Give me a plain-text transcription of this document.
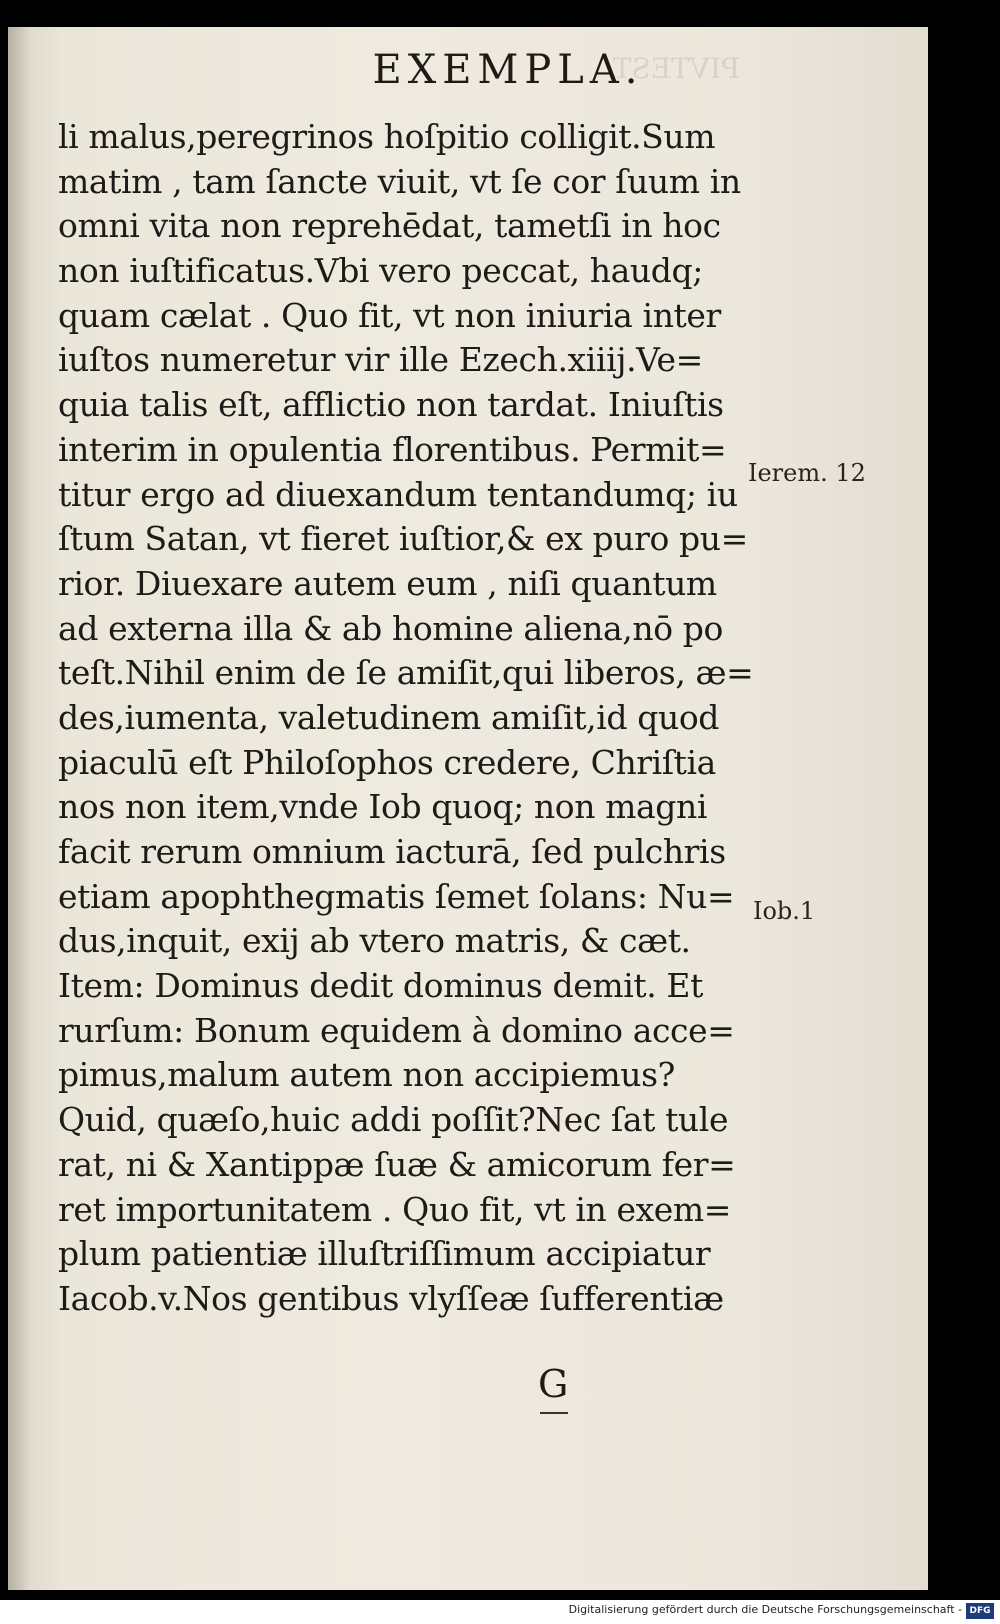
PIVTEST.
EXEMPLA.
li malus,peregrinos hoſpitio colligit.Sum
matim , tam ſancte viuit, vt ſe cor ſuum in
omni vita non reprehēdat, tametſi in hoc
non iuſtificatus.Vbi vero peccat, haudq;
quam cælat . Quo fit, vt non iniuria inter
iuſtos numeretur vir ille Ezech.xiiij.Ve=
quia talis eſt, afflictio non tardat. Iniuſtis
interim in opulentia florentibus. Permit=
titur ergo ad diuexandum tentandumq; iu
ſtum Satan, vt fieret iuſtior,& ex puro pu=
rior. Diuexare autem eum , niſi quantum
ad externa illa & ab homine aliena,nō po
teſt.Nihil enim de ſe amiſit,qui liberos, æ=
des,iumenta, valetudinem amiſit,id quod
piaculū eſt Philoſophos credere, Chriſtia
nos non item,vnde Iob quoq; non magni
facit rerum omnium iacturā, ſed pulchris
etiam apophthegmatis ſemet ſolans: Nu=
dus,inquit, exij ab vtero matris, & cæt.
Item: Dominus dedit dominus demit. Et
rurſum: Bonum equidem à domino acce=
pimus,malum autem non accipiemus?
Quid, quæſo,huic addi poſſit?Nec ſat tule
rat, ni & Xantippæ ſuæ & amicorum fer=
ret importunitatem . Quo fit, vt in exem=
plum patientiæ illuſtriſſimum accipiatur
Iacob.v.Nos gentibus vlyſſeæ ſufferentiæ
Ierem. 12
Iob.1
G
Digitalisierung gefördert durch die Deutsche Forschungsgemeinschaft - DFG
